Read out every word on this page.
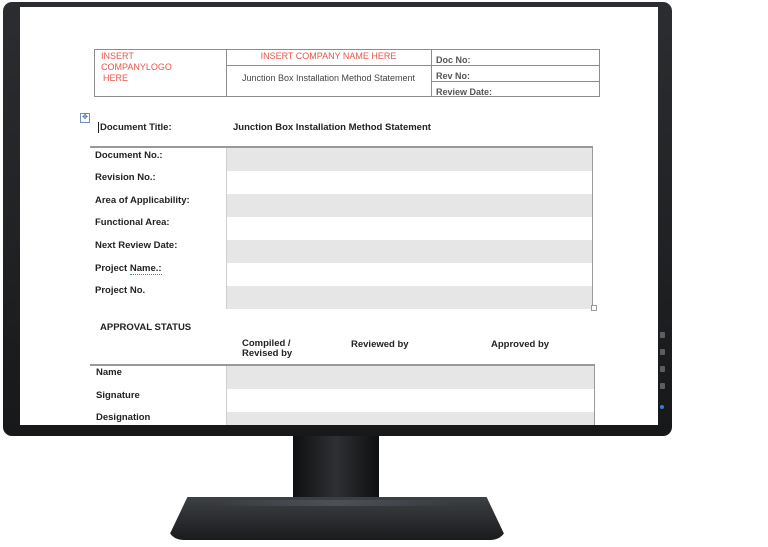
INSERT
COMPANYLOGO
HERE
INSERT COMPANY NAME HERE
Junction Box Installation Method Statement
Doc No:
Rev No:
Review Date:
✥
Document Title:	Junction Box Installation Method Statement
Document No.:
Revision No.:
Area of Applicability:
Functional Area:
Next Review Date:
Project Name.:
Project No.
APPROVAL STATUS
Compiled /
Revised by
Reviewed by	Approved by
Name
Signature
Designation
